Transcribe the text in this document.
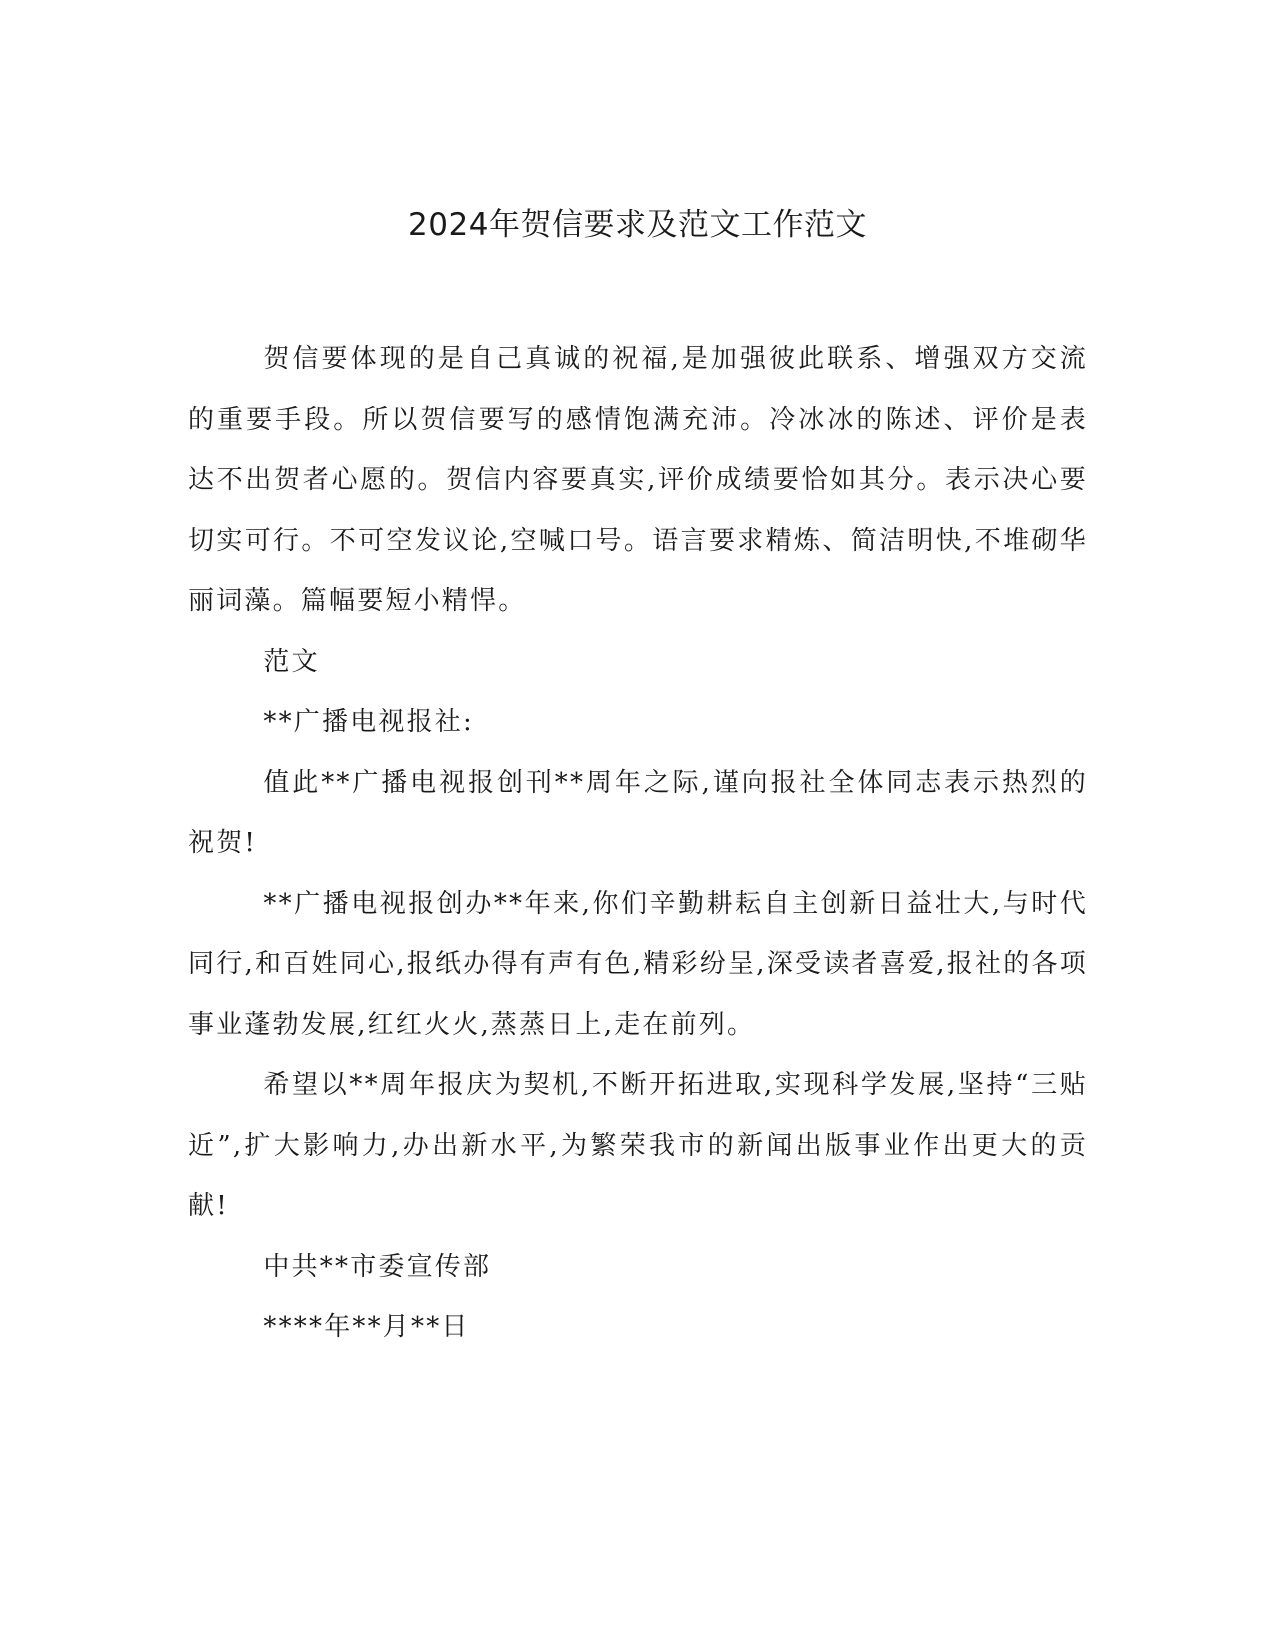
2024年贺信要求及范文工作范文

贺信要体现的是自己真诚的祝福,是加强彼此联系、增强双方交流的重要手段。所以贺信要写的感情饱满充沛。冷冰冰的陈述、评价是表达不出贺者心愿的。贺信内容要真实,评价成绩要恰如其分。表示决心要切实可行。不可空发议论,空喊口号。语言要求精炼、简洁明快,不堆砌华丽词藻。篇幅要短小精悍。

范文

**广播电视报社:

值此**广播电视报创刊**周年之际,谨向报社全体同志表示热烈的祝贺!

**广播电视报创办**年来,你们辛勤耕耘自主创新日益壮大,与时代同行,和百姓同心,报纸办得有声有色,精彩纷呈,深受读者喜爱,报社的各项事业蓬勃发展,红红火火,蒸蒸日上,走在前列。

希望以**周年报庆为契机,不断开拓进取,实现科学发展,坚持“三贴近”,扩大影响力,办出新水平,为繁荣我市的新闻出版事业作出更大的贡献!

中共**市委宣传部

****年**月**日
